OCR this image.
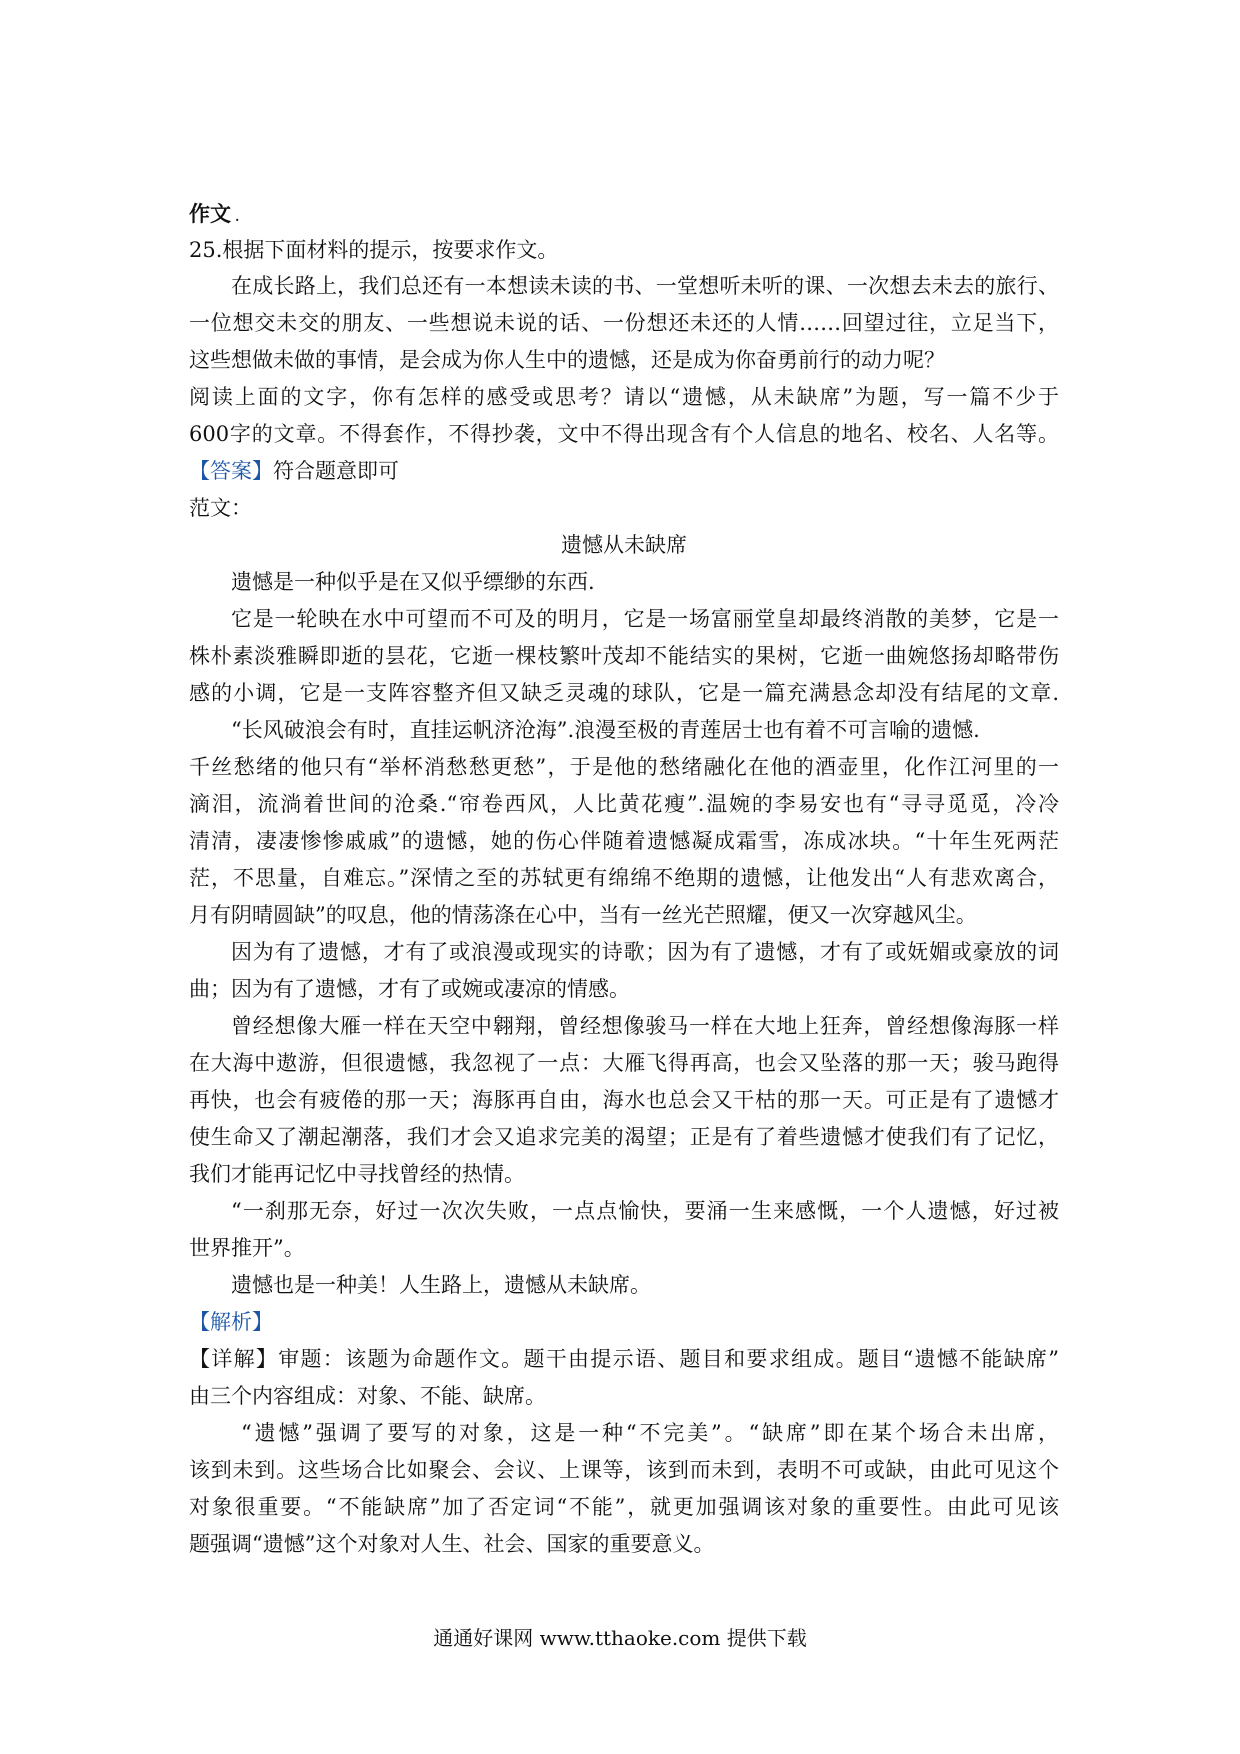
作文 .
25.根据下面材料的提示，按要求作文。
在成长路上，我们总还有一本想读未读的书、一堂想听未听的课、一次想去未去的旅行、
一位想交未交的朋友、一些想说未说的话、一份想还未还的人情……回望过往，立足当下，
这些想做未做的事情，是会成为你人生中的遗憾，还是成为你奋勇前行的动力呢？
阅读上面的文字，你有怎样的感受或思考？请以“遗憾，从未缺席”为题，写一篇不少于
600字的文章。不得套作，不得抄袭，文中不得出现含有个人信息的地名、校名、人名等。
【答案】符合题意即可
范文：
遗憾从未缺席
遗憾是一种似乎是在又似乎缥缈的东西.
它是一轮映在水中可望而不可及的明月，它是一场富丽堂皇却最终消散的美梦，它是一
株朴素淡雅瞬即逝的昙花，它逝一棵枝繁叶茂却不能结实的果树，它逝一曲婉悠扬却略带伤
感的小调，它是一支阵容整齐但又缺乏灵魂的球队，它是一篇充满悬念却没有结尾的文章.
“长风破浪会有时，直挂运帆济沧海”.浪漫至极的青莲居士也有着不可言喻的遗憾.
千丝愁绪的他只有“举杯消愁愁更愁”，于是他的愁绪融化在他的酒壶里，化作江河里的一
滴泪，流淌着世间的沧桑.“帘卷西风，人比黄花瘦”.温婉的李易安也有“寻寻觅觅，冷冷
清清，凄凄惨惨戚戚”的遗憾，她的伤心伴随着遗憾凝成霜雪，冻成冰块。“十年生死两茫
茫，不思量，自难忘。”深情之至的苏轼更有绵绵不绝期的遗憾，让他发出“人有悲欢离合，
月有阴晴圆缺”的叹息，他的情荡涤在心中，当有一丝光芒照耀，便又一次穿越风尘。
因为有了遗憾，才有了或浪漫或现实的诗歌；因为有了遗憾，才有了或妩媚或豪放的词
曲；因为有了遗憾，才有了或婉或凄凉的情感。
曾经想像大雁一样在天空中翱翔，曾经想像骏马一样在大地上狂奔，曾经想像海豚一样
在大海中遨游，但很遗憾，我忽视了一点：大雁飞得再高，也会又坠落的那一天；骏马跑得
再快，也会有疲倦的那一天；海豚再自由，海水也总会又干枯的那一天。可正是有了遗憾才
使生命又了潮起潮落，我们才会又追求完美的渴望；正是有了着些遗憾才使我们有了记忆，
我们才能再记忆中寻找曾经的热情。
“一刹那无奈，好过一次次失败，一点点愉快，要涌一生来感慨，一个人遗憾，好过被
世界推开”。
遗憾也是一种美！人生路上，遗憾从未缺席。
【解析】
【详解】审题：该题为命题作文。题干由提示语、题目和要求组成。题目“遗憾不能缺席”
由三个内容组成：对象、不能、缺席。
“遗憾”强调了要写的对象，这是一种“不完美”。“缺席”即在某个场合未出席，
该到未到。这些场合比如聚会、会议、上课等，该到而未到，表明不可或缺，由此可见这个
对象很重要。“不能缺席”加了否定词“不能”，就更加强调该对象的重要性。由此可见该
题强调“遗憾”这个对象对人生、社会、国家的重要意义。
通通好课网 www.tthaoke.com 提供下载
